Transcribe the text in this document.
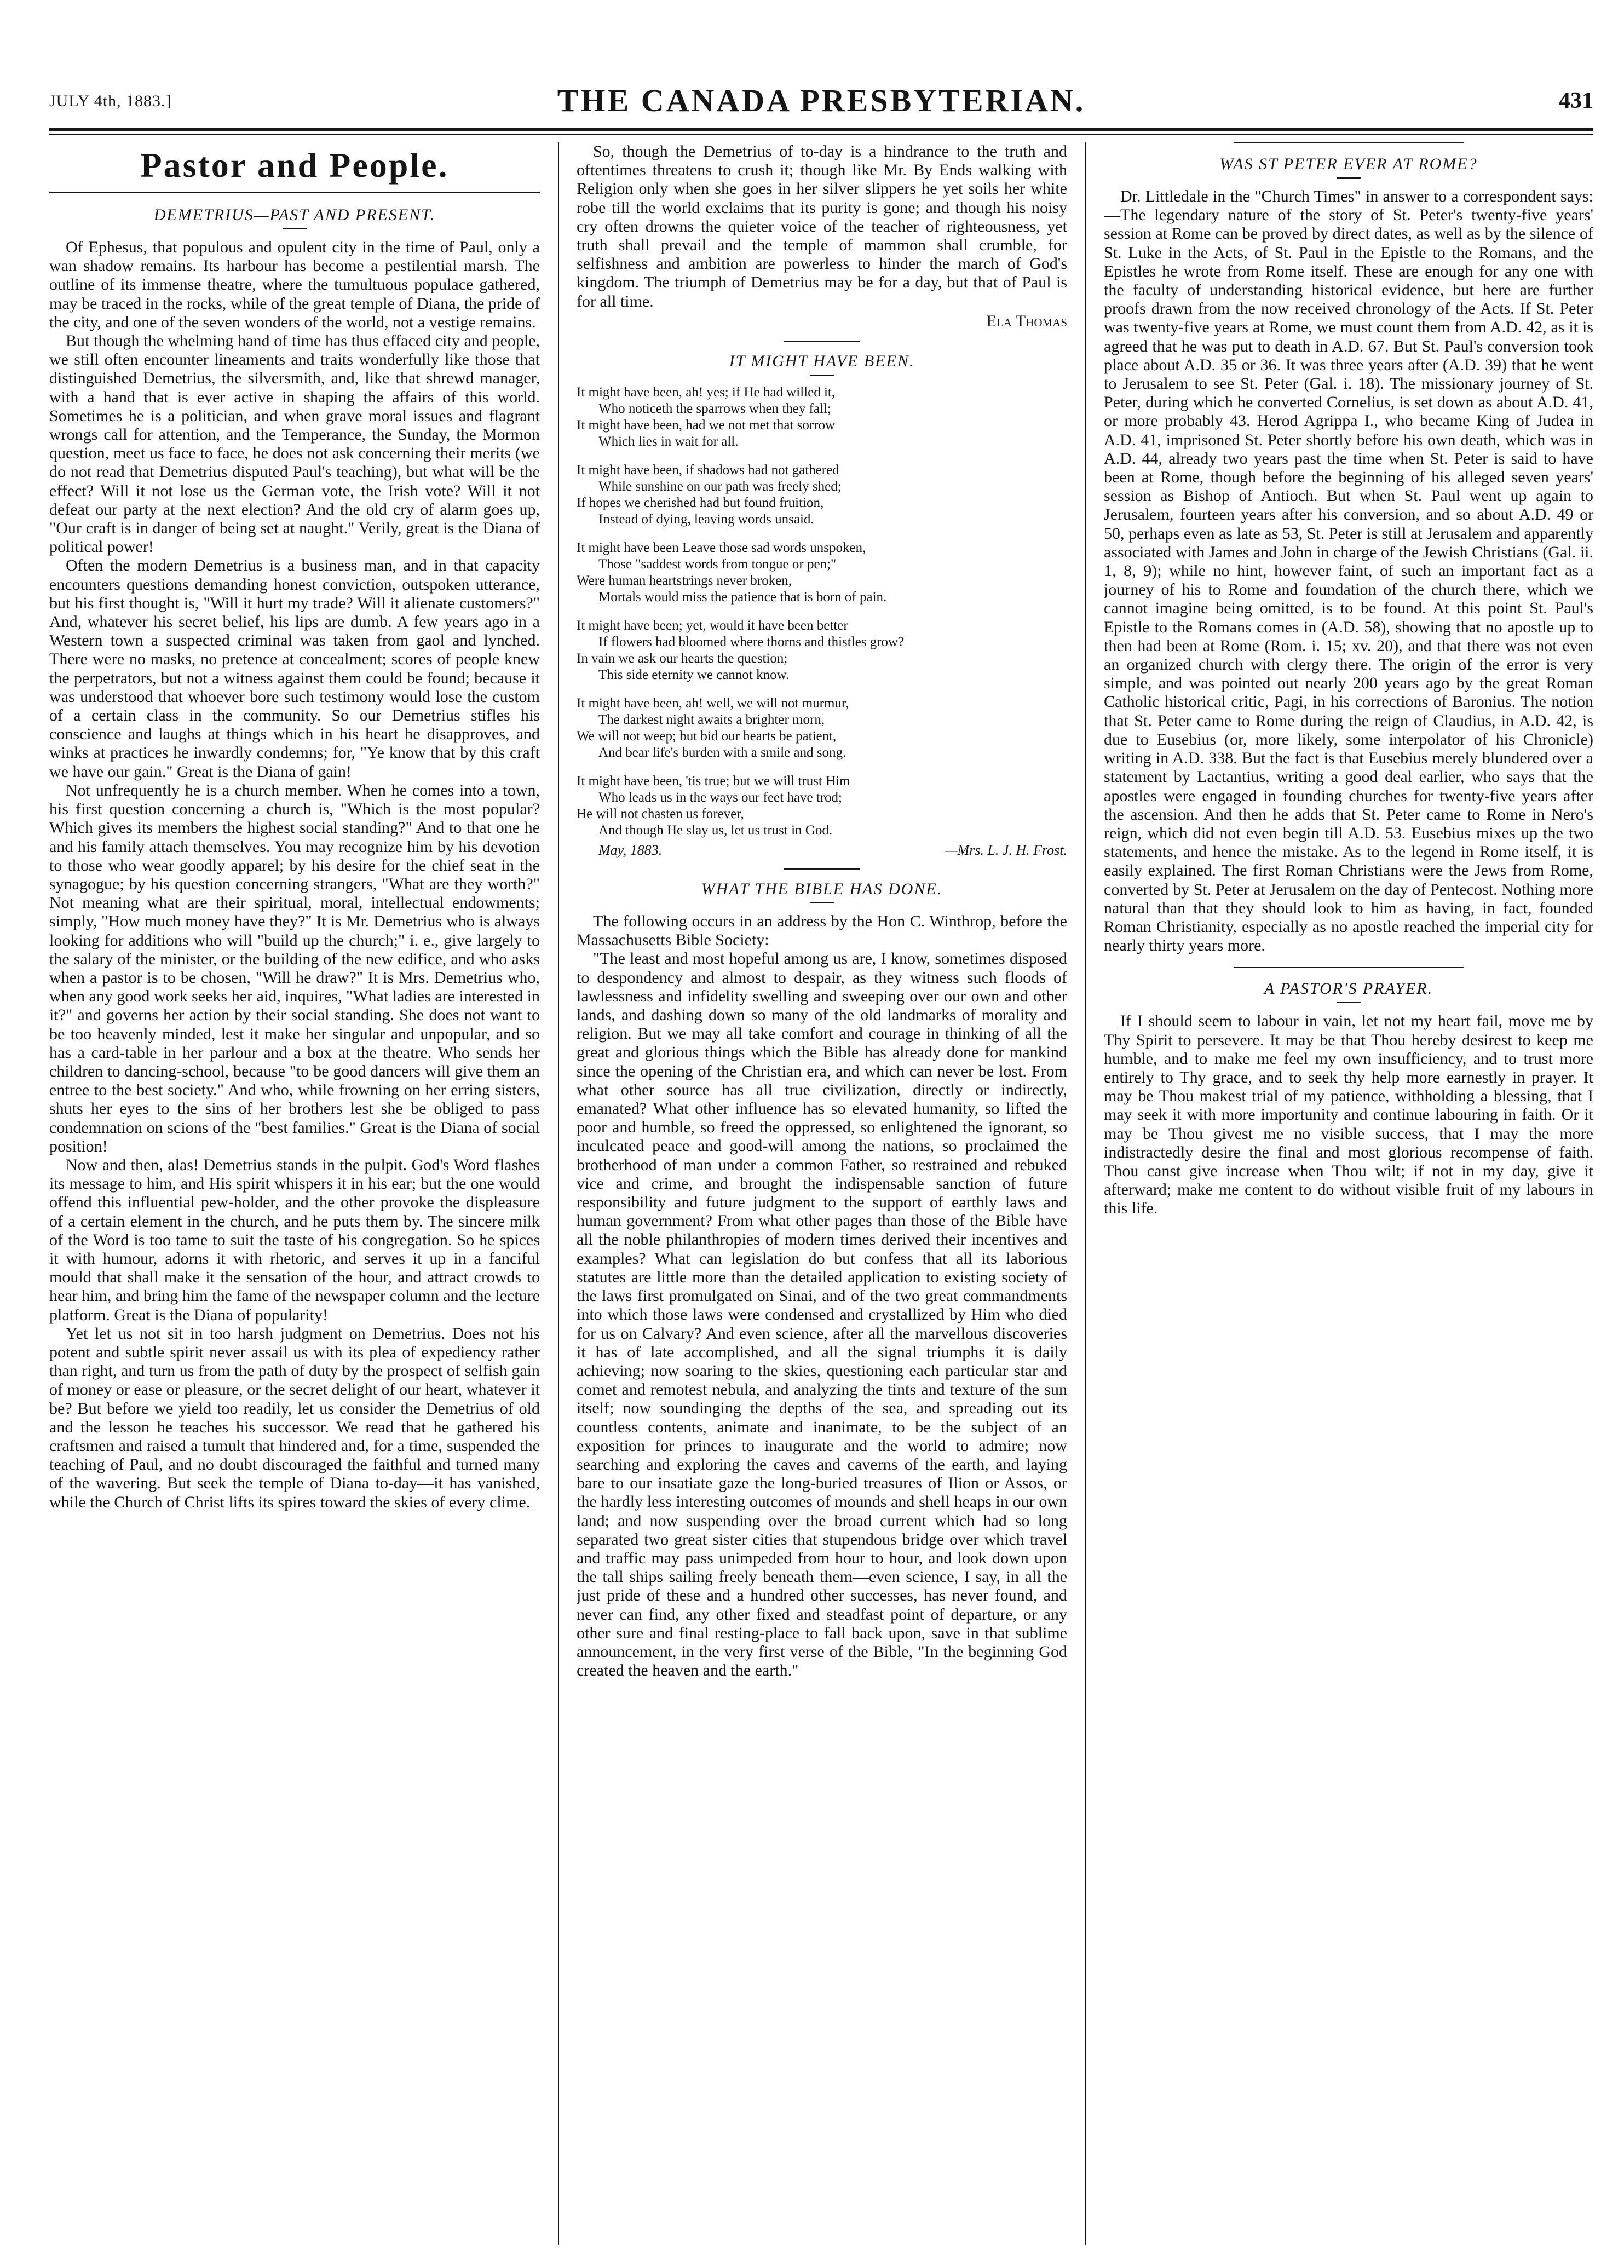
JULY 4th, 1883.]	THE CANADA PRESBYTERIAN.	431
Pastor and People.
DEMETRIUS—PAST AND PRESENT.

Of Ephesus, that populous and opulent city in the time of Paul, only a wan shadow remains. Its harbour has become a pestilential marsh. The outline of its immense theatre, where the tumultuous populace gathered, may be traced in the rocks, while of the great temple of Diana, the pride of the city, and one of the seven wonders of the world, not a vestige remains.

But though the whelming hand of time has thus effaced city and people, we still often encounter lineaments and traits wonderfully like those that distinguished Demetrius, the silversmith, and, like that shrewd manager, with a hand that is ever active in shaping the affairs of this world. Sometimes he is a politician, and when grave moral issues and flagrant wrongs call for attention, and the Temperance, the Sunday, the Mormon question, meet us face to face, he does not ask concerning their merits (we do not read that Demetrius disputed Paul's teaching), but what will be the effect? Will it not lose us the German vote, the Irish vote? Will it not defeat our party at the next election? And the old cry of alarm goes up, "Our craft is in danger of being set at naught." Verily, great is the Diana of political power!

Often the modern Demetrius is a business man, and in that capacity encounters questions demanding honest conviction, outspoken utterance, but his first thought is, "Will it hurt my trade? Will it alienate customers?" And, whatever his secret belief, his lips are dumb. A few years ago in a Western town a suspected criminal was taken from gaol and lynched. There were no masks, no pretence at concealment; scores of people knew the perpetrators, but not a witness against them could be found; because it was understood that whoever bore such testimony would lose the custom of a certain class in the community. So our Demetrius stifles his conscience and laughs at things which in his heart he disapproves, and winks at practices he inwardly condemns; for, "Ye know that by this craft we have our gain." Great is the Diana of gain!

Not unfrequently he is a church member. When he comes into a town, his first question concerning a church is, "Which is the most popular? Which gives its members the highest social standing?" And to that one he and his family attach themselves. You may recognize him by his devotion to those who wear goodly apparel; by his desire for the chief seat in the synagogue; by his question concerning strangers, "What are they worth?" Not meaning what are their spiritual, moral, intellectual endowments; simply, "How much money have they?" It is Mr. Demetrius who is always looking for additions who will "build up the church;" i. e., give largely to the salary of the minister, or the building of the new edifice, and who asks when a pastor is to be chosen, "Will he draw?" It is Mrs. Demetrius who, when any good work seeks her aid, inquires, "What ladies are interested in it?" and governs her action by their social standing. She does not want to be too heavenly minded, lest it make her singular and unpopular, and so has a card-table in her parlour and a box at the theatre. Who sends her children to dancing-school, because "to be good dancers will give them an entree to the best society." And who, while frowning on her erring sisters, shuts her eyes to the sins of her brothers lest she be obliged to pass condemnation on scions of the "best families." Great is the Diana of social position!

Now and then, alas! Demetrius stands in the pulpit. God's Word flashes its message to him, and His spirit whispers it in his ear; but the one would offend this influential pew-holder, and the other provoke the displeasure of a certain element in the church, and he puts them by. The sincere milk of the Word is too tame to suit the taste of his congregation. So he spices it with humour, adorns it with rhetoric, and serves it up in a fanciful mould that shall make it the sensation of the hour, and attract crowds to hear him, and bring him the fame of the newspaper column and the lecture platform. Great is the Diana of popularity!

Yet let us not sit in too harsh judgment on Demetrius. Does not his potent and subtle spirit never assail us with its plea of expediency rather than right, and turn us from the path of duty by the prospect of selfish gain of money or ease or pleasure, or the secret delight of our heart, whatever it be? But before we yield too readily, let us consider the Demetrius of old and the lesson he teaches his successor. We read that he gathered his craftsmen and raised a tumult that hindered and, for a time, suspended the teaching of Paul, and no doubt discouraged the faithful and turned many of the wavering. But seek the temple of Diana to-day—it has vanished, while the Church of Christ lifts its spires toward the skies of every clime.

So, though the Demetrius of to-day is a hindrance to the truth and oftentimes threatens to crush it; though like Mr. By Ends walking with Religion only when she goes in her silver slippers he yet soils her white robe till the world exclaims that its purity is gone; and though his noisy cry often drowns the quieter voice of the teacher of righteousness, yet truth shall prevail and the temple of mammon shall crumble, for selfishness and ambition are powerless to hinder the march of God's kingdom. The triumph of Demetrius may be for a day, but that of Paul is for all time.

Ela Thomas
IT MIGHT HAVE BEEN.
It might have been, ah! yes; if He had willed it,
Who noticeth the sparrows when they fall;
It might have been, had we not met that sorrow
Which lies in wait for all.
It might have been, if shadows had not gathered
While sunshine on our path was freely shed;
If hopes we cherished had but found fruition,
Instead of dying, leaving words unsaid.
It might have been Leave those sad words unspoken,
Those "saddest words from tongue or pen;"
Were human heartstrings never broken,
Mortals would miss the patience that is born of pain.
It might have been; yet, would it have been better
If flowers had bloomed where thorns and thistles grow?
In vain we ask our hearts the question;
This side eternity we cannot know.
It might have been, ah! well, we will not murmur,
The darkest night awaits a brighter morn,
We will not weep; but bid our hearts be patient,
And bear life's burden with a smile and song.
It might have been, 'tis true; but we will trust Him
Who leads us in the ways our feet have trod;
He will not chasten us forever,
And though He slay us, let us trust in God.
May, 1883.	—Mrs. L. J. H. Frost.
WHAT THE BIBLE HAS DONE.

The following occurs in an address by the Hon C. Winthrop, before the Massachusetts Bible Society:

"The least and most hopeful among us are, I know, sometimes disposed to despondency and almost to despair, as they witness such floods of lawlessness and infidelity swelling and sweeping over our own and other lands, and dashing down so many of the old landmarks of morality and religion. But we may all take comfort and courage in thinking of all the great and glorious things which the Bible has already done for mankind since the opening of the Christian era, and which can never be lost. From what other source has all true civilization, directly or indirectly, emanated? What other influence has so elevated humanity, so lifted the poor and humble, so freed the oppressed, so enlightened the ignorant, so inculcated peace and good-will among the nations, so proclaimed the brotherhood of man under a common Father, so restrained and rebuked vice and crime, and brought the indispensable sanction of future responsibility and future judgment to the support of earthly laws and human government? From what other pages than those of the Bible have all the noble philanthropies of modern times derived their incentives and examples? What can legislation do but confess that all its laborious statutes are little more than the detailed application to existing society of the laws first promulgated on Sinai, and of the two great commandments into which those laws were condensed and crystallized by Him who died for us on Calvary? And even science, after all the marvellous discoveries it has of late accomplished, and all the signal triumphs it is daily achieving; now soaring to the skies, questioning each particular star and comet and remotest nebula, and analyzing the tints and texture of the sun itself; now soundinging the depths of the sea, and spreading out its countless contents, animate and inanimate, to be the subject of an exposition for princes to inaugurate and the world to admire; now searching and exploring the caves and caverns of the earth, and laying bare to our insatiate gaze the long-buried treasures of Ilion or Assos, or the hardly less interesting outcomes of mounds and shell heaps in our own land; and now suspending over the broad current which had so long separated two great sister cities that stupendous bridge over which travel and traffic may pass unimpeded from hour to hour, and look down upon the tall ships sailing freely beneath them—even science, I say, in all the just pride of these and a hundred other successes, has never found, and never can find, any other fixed and steadfast point of departure, or any other sure and final resting-place to fall back upon, save in that sublime announcement, in the very first verse of the Bible, "In the beginning God created the heaven and the earth."

WAS ST PETER EVER AT ROME?

Dr. Littledale in the "Church Times" in answer to a correspondent says:—The legendary nature of the story of St. Peter's twenty-five years' session at Rome can be proved by direct dates, as well as by the silence of St. Luke in the Acts, of St. Paul in the Epistle to the Romans, and the Epistles he wrote from Rome itself. These are enough for any one with the faculty of understanding historical evidence, but here are further proofs drawn from the now received chronology of the Acts. If St. Peter was twenty-five years at Rome, we must count them from A.D. 42, as it is agreed that he was put to death in A.D. 67. But St. Paul's conversion took place about A.D. 35 or 36. It was three years after (A.D. 39) that he went to Jerusalem to see St. Peter (Gal. i. 18). The missionary journey of St. Peter, during which he converted Cornelius, is set down as about A.D. 41, or more probably 43. Herod Agrippa I., who became King of Judea in A.D. 41, imprisoned St. Peter shortly before his own death, which was in A.D. 44, already two years past the time when St. Peter is said to have been at Rome, though before the beginning of his alleged seven years' session as Bishop of Antioch. But when St. Paul went up again to Jerusalem, fourteen years after his conversion, and so about A.D. 49 or 50, perhaps even as late as 53, St. Peter is still at Jerusalem and apparently associated with James and John in charge of the Jewish Christians (Gal. ii. 1, 8, 9); while no hint, however faint, of such an important fact as a journey of his to Rome and foundation of the church there, which we cannot imagine being omitted, is to be found. At this point St. Paul's Epistle to the Romans comes in (A.D. 58), showing that no apostle up to then had been at Rome (Rom. i. 15; xv. 20), and that there was not even an organized church with clergy there. The origin of the error is very simple, and was pointed out nearly 200 years ago by the great Roman Catholic historical critic, Pagi, in his corrections of Baronius. The notion that St. Peter came to Rome during the reign of Claudius, in A.D. 42, is due to Eusebius (or, more likely, some interpolator of his Chronicle) writing in A.D. 338. But the fact is that Eusebius merely blundered over a statement by Lactantius, writing a good deal earlier, who says that the apostles were engaged in founding churches for twenty-five years after the ascension. And then he adds that St. Peter came to Rome in Nero's reign, which did not even begin till A.D. 53. Eusebius mixes up the two statements, and hence the mistake. As to the legend in Rome itself, it is easily explained. The first Roman Christians were the Jews from Rome, converted by St. Peter at Jerusalem on the day of Pentecost. Nothing more natural than that they should look to him as having, in fact, founded Roman Christianity, especially as no apostle reached the imperial city for nearly thirty years more.

A PASTOR'S PRAYER.

If I should seem to labour in vain, let not my heart fail, move me by Thy Spirit to persevere. It may be that Thou hereby desirest to keep me humble, and to make me feel my own insufficiency, and to trust more entirely to Thy grace, and to seek thy help more earnestly in prayer. It may be Thou makest trial of my patience, withholding a blessing, that I may seek it with more importunity and continue labouring in faith. Or it may be Thou givest me no visible success, that I may the more indistractedly desire the final and most glorious recompense of faith. Thou canst give increase when Thou wilt; if not in my day, give it afterward; make me content to do without visible fruit of my labours in this life.
